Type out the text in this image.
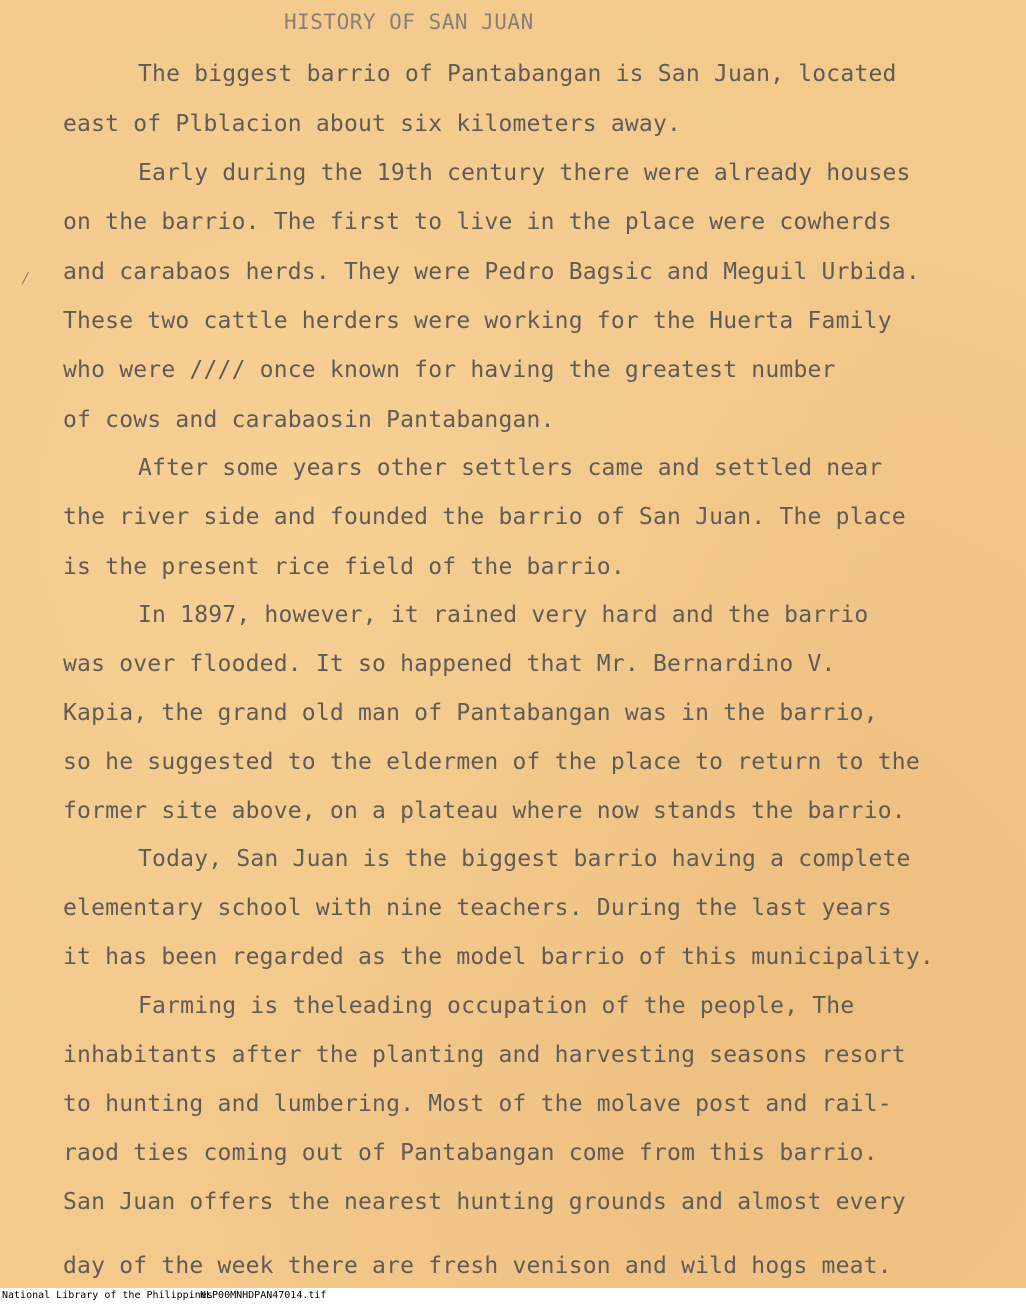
HISTORY OF SAN JUAN
⁄
The biggest barrio of Pantabangan is San Juan, located
east of Plblacion about six kilometers away.
Early during the 19th century there were already houses
on the barrio. The first to live in the place were cowherds
and carabaos herds. They were Pedro Bagsic and Meguil Urbida.
These two cattle herders were working for the Huerta Family
who were //// once known for having the greatest number
of cows and carabaosin Pantabangan.
After some years other settlers came and settled near
the river side and founded the barrio of San Juan. The place
is the present rice field of the barrio.
In 1897, however, it rained very hard and the barrio
was over flooded. It so happened that Mr. Bernardino V.
Kapia, the grand old man of Pantabangan was in the barrio,
so he suggested to the eldermen of the place to return to the
former site above, on a plateau where now stands the barrio.
Today, San Juan is the biggest barrio having a complete
elementary school with nine teachers. During the last years
it has been regarded as the model barrio of this municipality.
Farming is theleading occupation of the people, The
inhabitants after the planting and harvesting seasons resort
to hunting and lumbering. Most of the molave post and rail-
raod ties coming out of Pantabangan come from this barrio.
San Juan offers the nearest hunting grounds and almost every
day of the week there are fresh venison and wild hogs meat.
National Library of the Philippines
NLP00MNHDPAN47014.tif
